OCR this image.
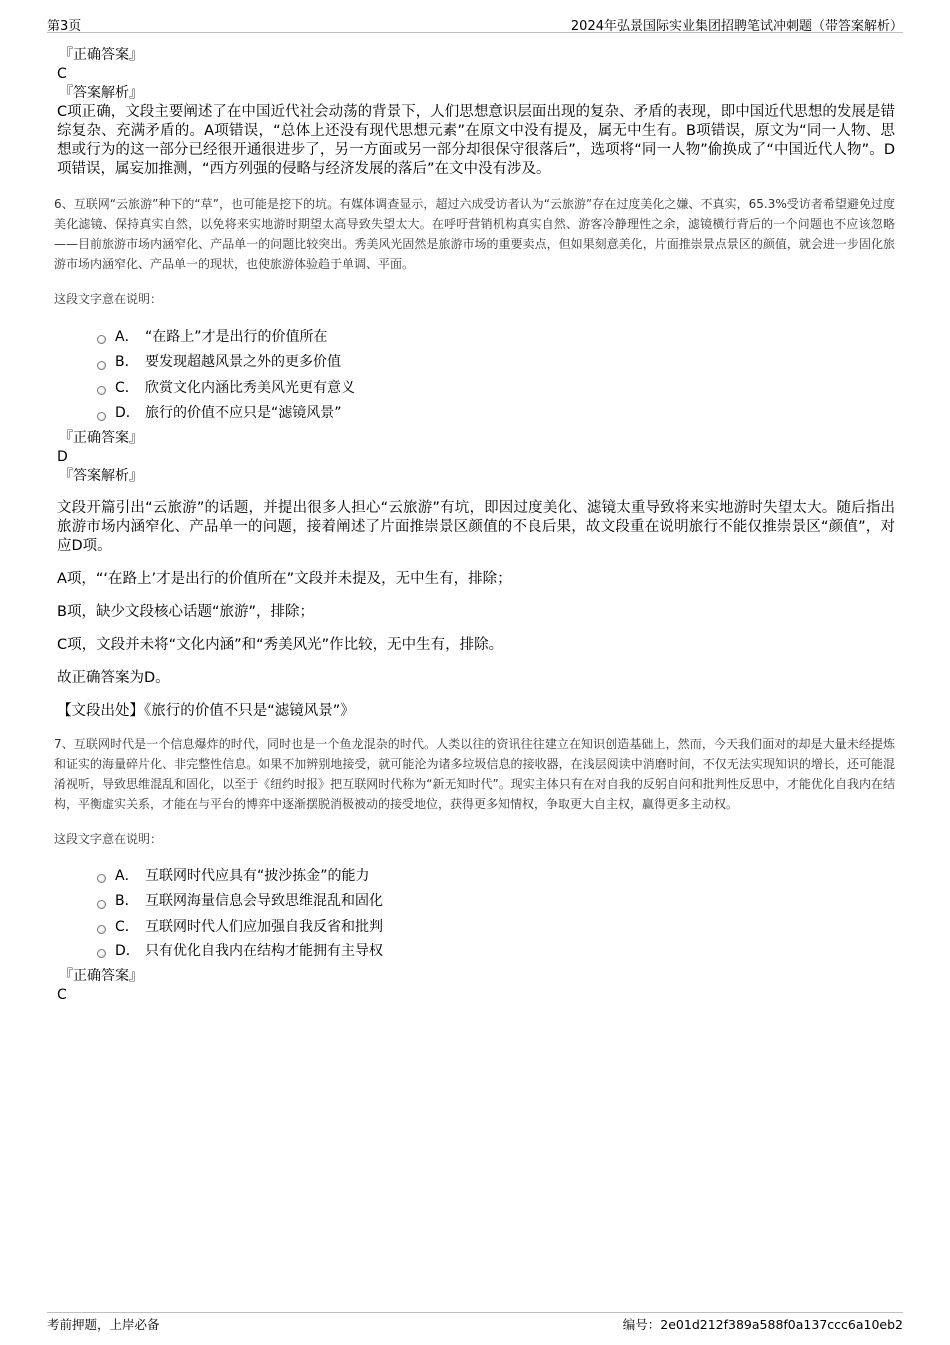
第3页	2024年弘景国际实业集团招聘笔试冲刺题（带答案解析）
『正确答案』
C
『答案解析』
C项正确，文段主要阐述了在中国近代社会动荡的背景下，人们思想意识层面出现的复杂、矛盾的表现，即中国近代思想的发展是错综复杂、充满矛盾的。A项错误，“总体上还没有现代思想元素”在原文中没有提及，属无中生有。B项错误，原文为“同一人物、思想或行为的这一部分已经很开通很进步了，另一方面或另一部分却很保守很落后”，选项将“同一人物”偷换成了“中国近代人物”。D项错误，属妄加推测，“西方列强的侵略与经济发展的落后”在文中没有涉及。
6、互联网“云旅游”种下的“草”，也可能是挖下的坑。有媒体调查显示，超过六成受访者认为“云旅游”存在过度美化之嫌、不真实，65.3%受访者希望避免过度美化滤镜、保持真实自然，以免将来实地游时期望太高导致失望太大。在呼吁营销机构真实自然、游客冷静理性之余，滤镜横行背后的一个问题也不应该忽略——目前旅游市场内涵窄化、产品单一的问题比较突出。秀美风光固然是旅游市场的重要卖点，但如果刻意美化，片面推崇景点景区的颜值，就会进一步固化旅游市场内涵窄化、产品单一的现状，也使旅游体验趋于单调、平面。
这段文字意在说明：
A． “在路上”才是出行的价值所在
B． 要发现超越风景之外的更多价值
C． 欣赏文化内涵比秀美风光更有意义
D． 旅行的价值不应只是“滤镜风景”
『正确答案』
D
『答案解析』
文段开篇引出“云旅游”的话题，并提出很多人担心“云旅游”有坑，即因过度美化、滤镜太重导致将来实地游时失望太大。随后指出旅游市场内涵窄化、产品单一的问题，接着阐述了片面推崇景区颜值的不良后果，故文段重在说明旅行不能仅推崇景区“颜值”，对应D项。
A项，“‘在路上’才是出行的价值所在”文段并未提及，无中生有，排除；
B项，缺少文段核心话题“旅游”，排除；
C项，文段并未将“文化内涵”和“秀美风光”作比较，无中生有，排除。
故正确答案为D。
【文段出处】《旅行的价值不只是“滤镜风景”》
7、互联网时代是一个信息爆炸的时代，同时也是一个鱼龙混杂的时代。人类以往的资讯往往建立在知识创造基础上，然而，今天我们面对的却是大量未经提炼和证实的海量碎片化、非完整性信息。如果不加辨别地接受，就可能沦为诸多垃圾信息的接收器，在浅层阅读中消磨时间，不仅无法实现知识的增长，还可能混淆视听，导致思维混乱和固化，以至于《纽约时报》把互联网时代称为“新无知时代”。现实主体只有在对自我的反躬自问和批判性反思中，才能优化自我内在结构，平衡虚实关系，才能在与平台的博弈中逐渐摆脱消极被动的接受地位，获得更多知情权，争取更大自主权，赢得更多主动权。
这段文字意在说明：
A． 互联网时代应具有“披沙拣金”的能力
B． 互联网海量信息会导致思维混乱和固化
C． 互联网时代人们应加强自我反省和批判
D． 只有优化自我内在结构才能拥有主导权
『正确答案』
C
考前押题，上岸必备	编号：2e01d212f389a588f0a137ccc6a10eb2
